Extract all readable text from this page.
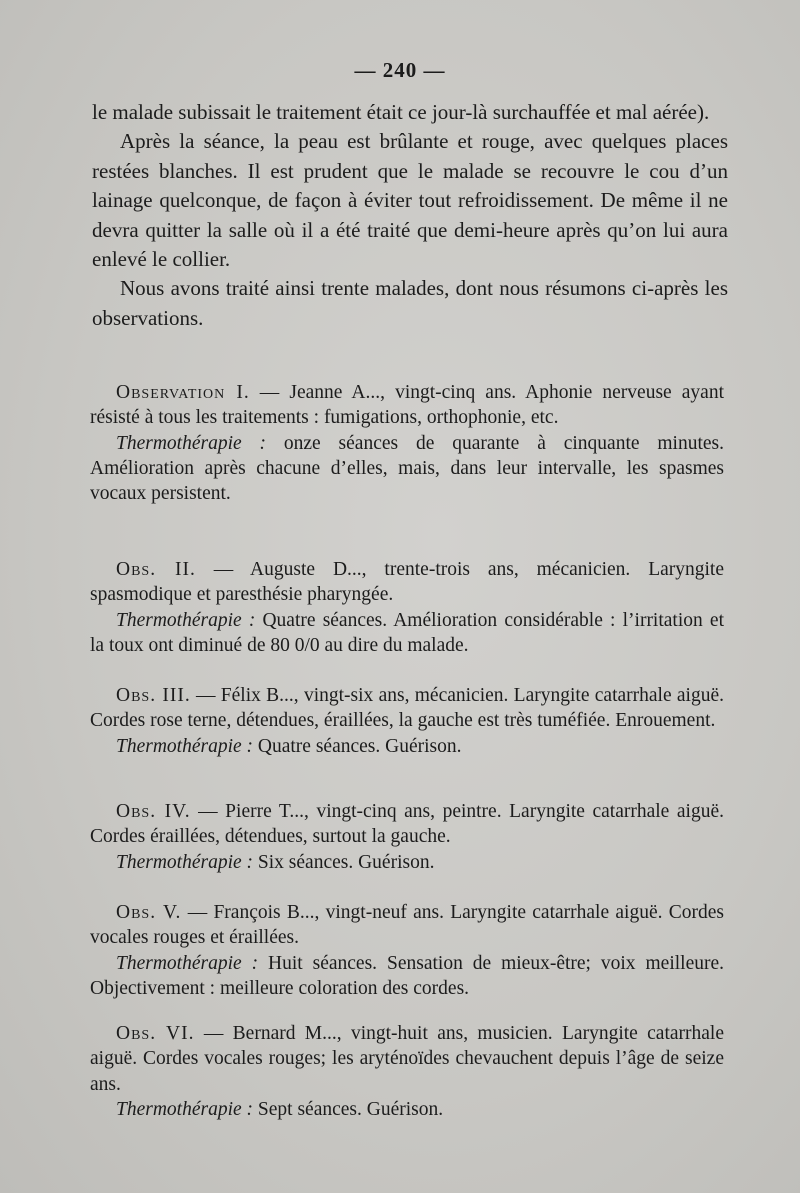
— 240 —

le malade subissait le traitement était ce jour-là surchauffée et mal aérée).

Après la séance, la peau est brûlante et rouge, avec quelques places restées blanches. Il est prudent que le malade se recouvre le cou d’un lainage quelconque, de façon à éviter tout refroidissement. De même il ne devra quitter la salle où il a été traité que demi-heure après qu’on lui aura enlevé le collier.

Nous avons traité ainsi trente malades, dont nous résumons ci-après les observations.

Observation I. — Jeanne A..., vingt-cinq ans. Aphonie nerveuse ayant résisté à tous les traitements : fumigations, orthophonie, etc.

Thermothérapie : onze séances de quarante à cinquante minutes. Amélioration après chacune d’elles, mais, dans leur intervalle, les spasmes vocaux persistent.

Obs. II. — Auguste D..., trente-trois ans, mécanicien. Laryngite spasmodique et paresthésie pharyngée.

Thermothérapie : Quatre séances. Amélioration considérable : l’irritation et la toux ont diminué de 80 0/0 au dire du malade.

Obs. III. — Félix B..., vingt-six ans, mécanicien. Laryngite catarrhale aiguë. Cordes rose terne, détendues, éraillées, la gauche est très tuméfiée. Enrouement.

Thermothérapie : Quatre séances. Guérison.

Obs. IV. — Pierre T..., vingt-cinq ans, peintre. Laryngite catarrhale aiguë. Cordes éraillées, détendues, surtout la gauche.

Thermothérapie : Six séances. Guérison.

Obs. V. — François B..., vingt-neuf ans. Laryngite catarrhale aiguë. Cordes vocales rouges et éraillées.

Thermothérapie : Huit séances. Sensation de mieux-être; voix meilleure. Objectivement : meilleure coloration des cordes.

Obs. VI. — Bernard M..., vingt-huit ans, musicien. Laryngite catarrhale aiguë. Cordes vocales rouges; les aryténoïdes chevauchent depuis l’âge de seize ans.

Thermothérapie : Sept séances. Guérison.
